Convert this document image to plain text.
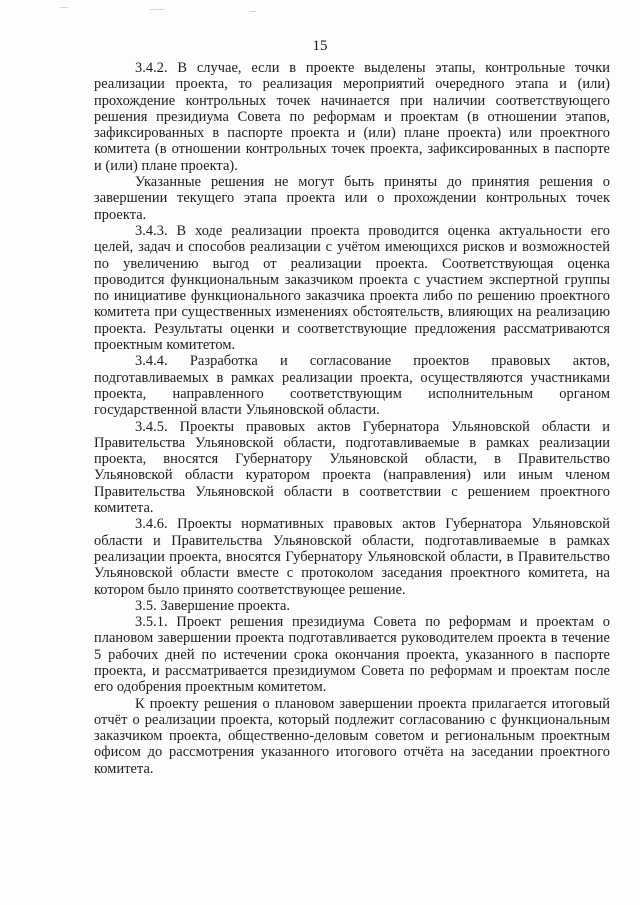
15

3.4.2. В случае, если в проекте выделены этапы, контрольные точки реализации проекта, то реализация мероприятий очередного этапа и (или) прохождение контрольных точек начинается при наличии соответствующего решения президиума Совета по реформам и проектам (в отношении этапов, зафиксированных в паспорте проекта и (или) плане проекта) или проектного комитета (в отношении контрольных точек проекта, зафиксированных в паспорте и (или) плане проекта).

Указанные решения не могут быть приняты до принятия решения о завершении текущего этапа проекта или о прохождении контрольных точек проекта.

3.4.3. В ходе реализации проекта проводится оценка актуальности его целей, задач и способов реализации с учётом имеющихся рисков и возможностей по увеличению выгод от реализации проекта. Соответствующая оценка проводится функциональным заказчиком проекта с участием экспертной группы по инициативе функционального заказчика проекта либо по решению проектного комитета при существенных изменениях обстоятельств, влияющих на реализацию проекта. Результаты оценки и соответствующие предложения рассматриваются проектным комитетом.

3.4.4. Разработка и согласование проектов правовых актов, подготавливаемых в рамках реализации проекта, осуществляются участниками проекта, направленного соответствующим исполнительным органом государственной власти Ульяновской области.

3.4.5. Проекты правовых актов Губернатора Ульяновской области и Правительства Ульяновской области, подготавливаемые в рамках реализации проекта, вносятся Губернатору Ульяновской области, в Правительство Ульяновской области куратором проекта (направления) или иным членом Правительства Ульяновской области в соответствии с решением проектного комитета.

3.4.6. Проекты нормативных правовых актов Губернатора Ульяновской области и Правительства Ульяновской области, подготавливаемые в рамках реализации проекта, вносятся Губернатору Ульяновской области, в Правительство Ульяновской области вместе с протоколом заседания проектного комитета, на котором было принято соответствующее решение.

3.5. Завершение проекта.

3.5.1. Проект решения президиума Совета по реформам и проектам о плановом завершении проекта подготавливается руководителем проекта в течение 5 рабочих дней по истечении срока окончания проекта, указанного в паспорте проекта, и рассматривается президиумом Совета по реформам и проектам после его одобрения проектным комитетом.

К проекту решения о плановом завершении проекта прилагается итоговый отчёт о реализации проекта, который подлежит согласованию с функциональным заказчиком проекта, общественно-деловым советом и региональным проектным офисом до рассмотрения указанного итогового отчёта на заседании проектного комитета.
